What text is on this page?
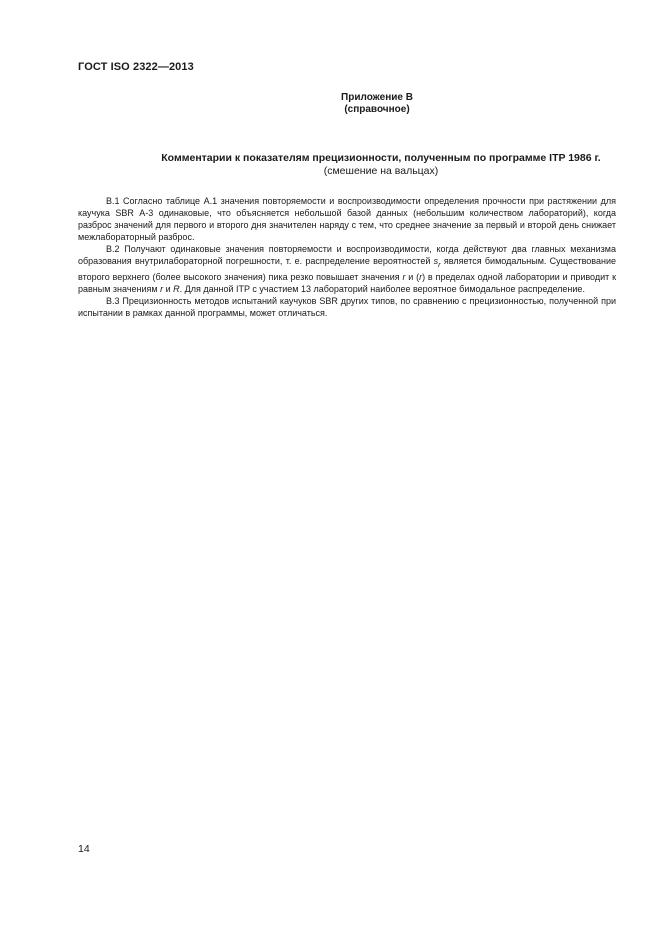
ГОСТ ISO 2322—2013
Приложение В
(справочное)
Комментарии к показателям прецизионности, полученным по программе ITP 1986 г.
(смешение на вальцах)

В.1 Согласно таблице А.1 значения повторяемости и воспроизводимости определения прочности при растяжении для каучука SBR А-3 одинаковые, что объясняется небольшой базой данных (небольшим количеством лабораторий), когда разброс значений для первого и второго дня значителен наряду с тем, что среднее значение за первый и второй день снижает межлабораторный разброс.

В.2 Получают одинаковые значения повторяемости и воспроизводимости, когда действуют два главных механизма образования внутрилабораторной погрешности, т. е. распределение вероятностей $s_r$ является бимодальным. Существование второго верхнего (более высокого значения) пика резко повышает значения r и (r) в пределах одной лаборатории и приводит к равным значениям r и R. Для данной ITP с участием 13 лабораторий наиболее вероятное бимодальное распределение.

В.3 Прецизионность методов испытаний каучуков SBR других типов, по сравнению с прецизионностью, полученной при испытании в рамках данной программы, может отличаться.

14
